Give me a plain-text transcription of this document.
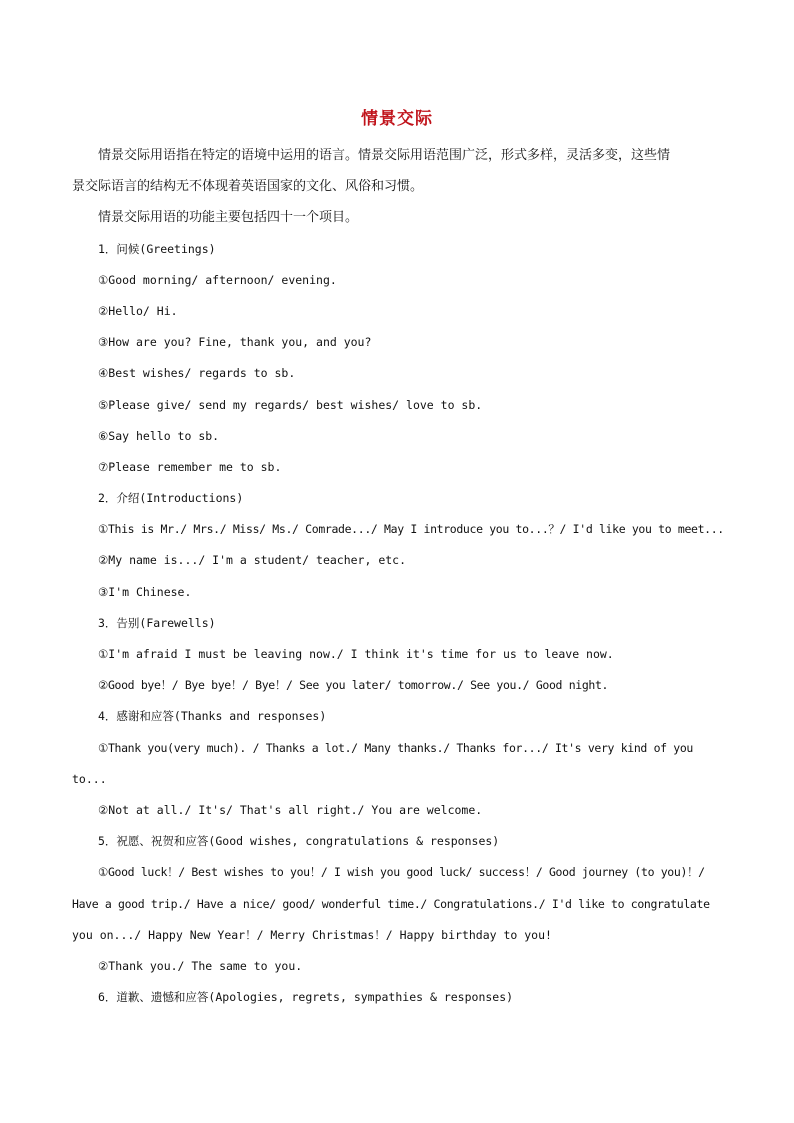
情景交际
情景交际用语指在特定的语境中运用的语言。情景交际用语范围广泛，形式多样，灵活多变，这些情
景交际语言的结构无不体现着英语国家的文化、风俗和习惯。
情景交际用语的功能主要包括四十一个项目。
1．问候(Greetings)
①Good morning/ afternoon/ evening.
②Hello/ Hi.
③How are you? Fine, thank you, and you?
④Best wishes/ regards to sb.
⑤Please give/ send my regards/ best wishes/ love to sb.
⑥Say hello to sb.
⑦Please remember me to sb.
2．介绍(Introductions)
①This is Mr./ Mrs./ Miss/ Ms./ Comrade.../ May I introduce you to...？/ I'd like you to meet...
②My name is.../ I'm a student/ teacher, etc.
③I'm Chinese.
3．告别(Farewells)
①I'm afraid I must be leaving now./ I think it's time for us to leave now.
②Good bye！/ Bye bye！/ Bye！/ See you later/ tomorrow./ See you./ Good night.
4．感谢和应答(Thanks and responses)
①Thank you(very much). / Thanks a lot./ Many thanks./ Thanks for.../ It's very kind of you
to...
②Not at all./ It's/ That's all right./ You are welcome.
5．祝愿、祝贺和应答(Good wishes, congratulations & responses)
①Good luck！/ Best wishes to you！/ I wish you good luck/ success！/ Good journey (to you)！/
Have a good trip./ Have a nice/ good/ wonderful time./ Congratulations./ I'd like to congratulate
you on.../ Happy New Year！/ Merry Christmas！/ Happy birthday to you!
②Thank you./ The same to you.
6．道歉、遗憾和应答(Apologies, regrets, sympathies & responses)
